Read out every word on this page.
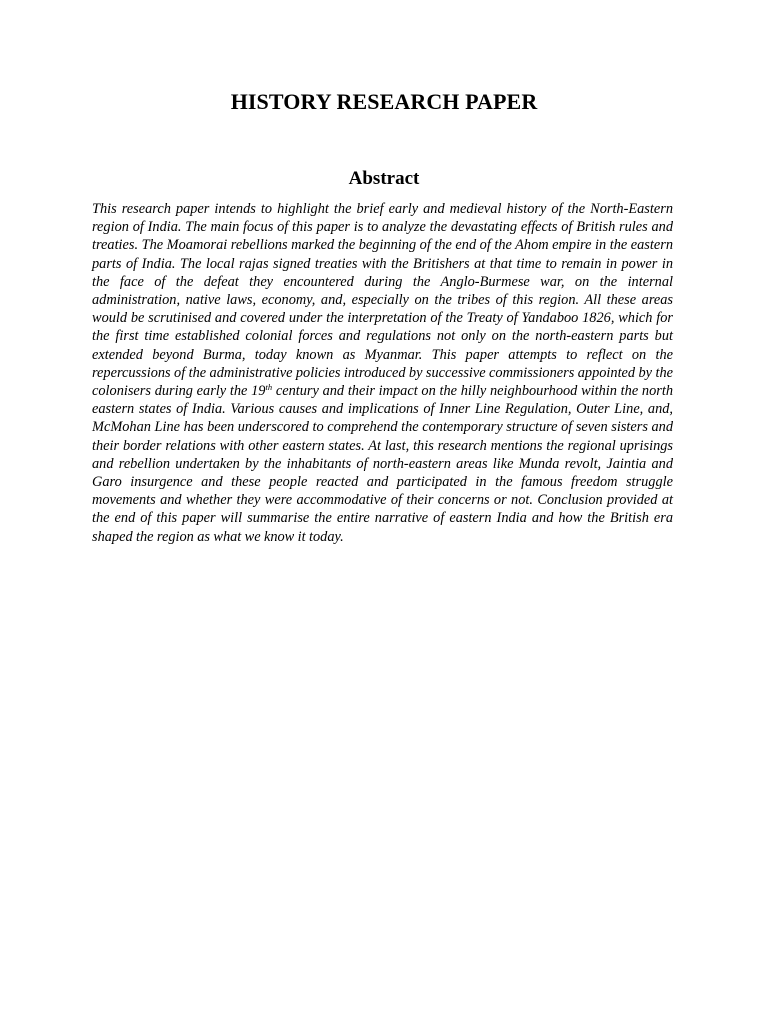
HISTORY RESEARCH PAPER
Abstract

This research paper intends to highlight the brief early and medieval history of the North-Eastern region of India. The main focus of this paper is to analyze the devastating effects of British rules and treaties. The Moamorai rebellions marked the beginning of the end of the Ahom empire in the eastern parts of India. The local rajas signed treaties with the Britishers at that time to remain in power in the face of the defeat they encountered during the Anglo-Burmese war, on the internal administration, native laws, economy, and, especially on the tribes of this region. All these areas would be scrutinised and covered under the interpretation of the Treaty of Yandaboo 1826, which for the first time established colonial forces and regulations not only on the north-eastern parts but extended beyond Burma, today known as Myanmar. This paper attempts to reflect on the repercussions of the administrative policies introduced by successive commissioners appointed by the colonisers during early the 19th century and their impact on the hilly neighbourhood within the north eastern states of India. Various causes and implications of Inner Line Regulation, Outer Line, and, McMohan Line has been underscored to comprehend the contemporary structure of seven sisters and their border relations with other eastern states. At last, this research mentions the regional uprisings and rebellion undertaken by the inhabitants of north-eastern areas like Munda revolt, Jaintia and Garo insurgence and these people reacted and participated in the famous freedom struggle movements and whether they were accommodative of their concerns or not. Conclusion provided at the end of this paper will summarise the entire narrative of eastern India and how the British era shaped the region as what we know it today.
